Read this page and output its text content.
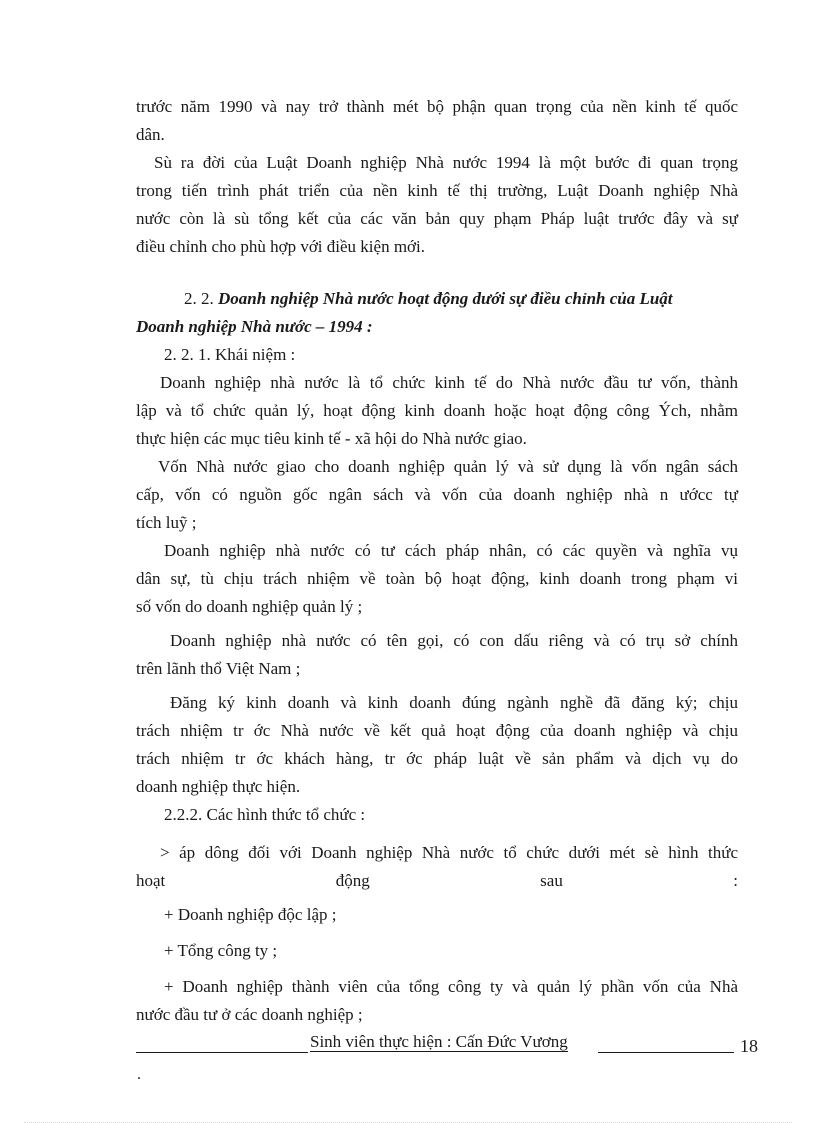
trước năm 1990 và nay trở thành mét bộ phận quan trọng của nền kinh tế quốc
dân.
Sù ra đời của Luật Doanh nghiệp Nhà nước 1994 là một bước đi quan trọng
trong tiến trình phát triển của nền kinh tế thị trường, Luật Doanh nghiệp Nhà
nước còn là sù tổng kết của các văn bản quy phạm Pháp luật trước đây và sự
điều chỉnh cho phù hợp với điều kiện mới.
2. 2. Doanh nghiệp Nhà nước hoạt động dưới sự điều chỉnh của Luật
Doanh nghiệp Nhà nước – 1994 :
2. 2. 1. Khái niệm :
Doanh nghiệp nhà nước là tổ chức kinh tế do Nhà nước đầu tư vốn, thành
lập và tổ chức quản lý, hoạt động kinh doanh hoặc hoạt động công Ých, nhằm
thực hiện các mục tiêu kinh tế - xã hội do Nhà nước giao.
Vốn Nhà nước giao cho doanh nghiệp quản lý và sử dụng là vốn ngân sách
cấp, vốn có nguồn gốc ngân sách và vốn của doanh nghiệp nhà n ướcc tự
tích luỹ ;
Doanh nghiệp nhà nước có tư cách pháp nhân, có các quyền và nghĩa vụ
dân sự, tù chịu trách nhiệm về toàn bộ hoạt động, kinh doanh trong phạm vi
số vốn do doanh nghiệp quản lý ;
Doanh nghiệp nhà nước có tên gọi, có con dấu riêng và có trụ sở chính
trên lãnh thổ Việt Nam ;
Đăng ký kinh doanh và kinh doanh đúng ngành nghề đã đăng ký; chịu
trách nhiệm tr ớc Nhà nước về kết quả hoạt động của doanh nghiệp và chịu
trách nhiệm tr ớc khách hàng, tr ớc pháp luật về sản phẩm và dịch vụ do
doanh nghiệp thực hiện.
2.2.2. Các hình thức tổ chức :
> áp dông đối với Doanh nghiệp Nhà nước tổ chức dưới mét sè hình thức
hoạt	động	sau	:
+ Doanh nghiệp độc lập ;
+ Tổng công ty ;
+ Doanh nghiệp thành viên của tổng công ty và quản lý phần vốn của Nhà
nước đầu tư ở các doanh nghiệp ;
Sinh viên thực hiện : Cấn Đức Vương	18
.
